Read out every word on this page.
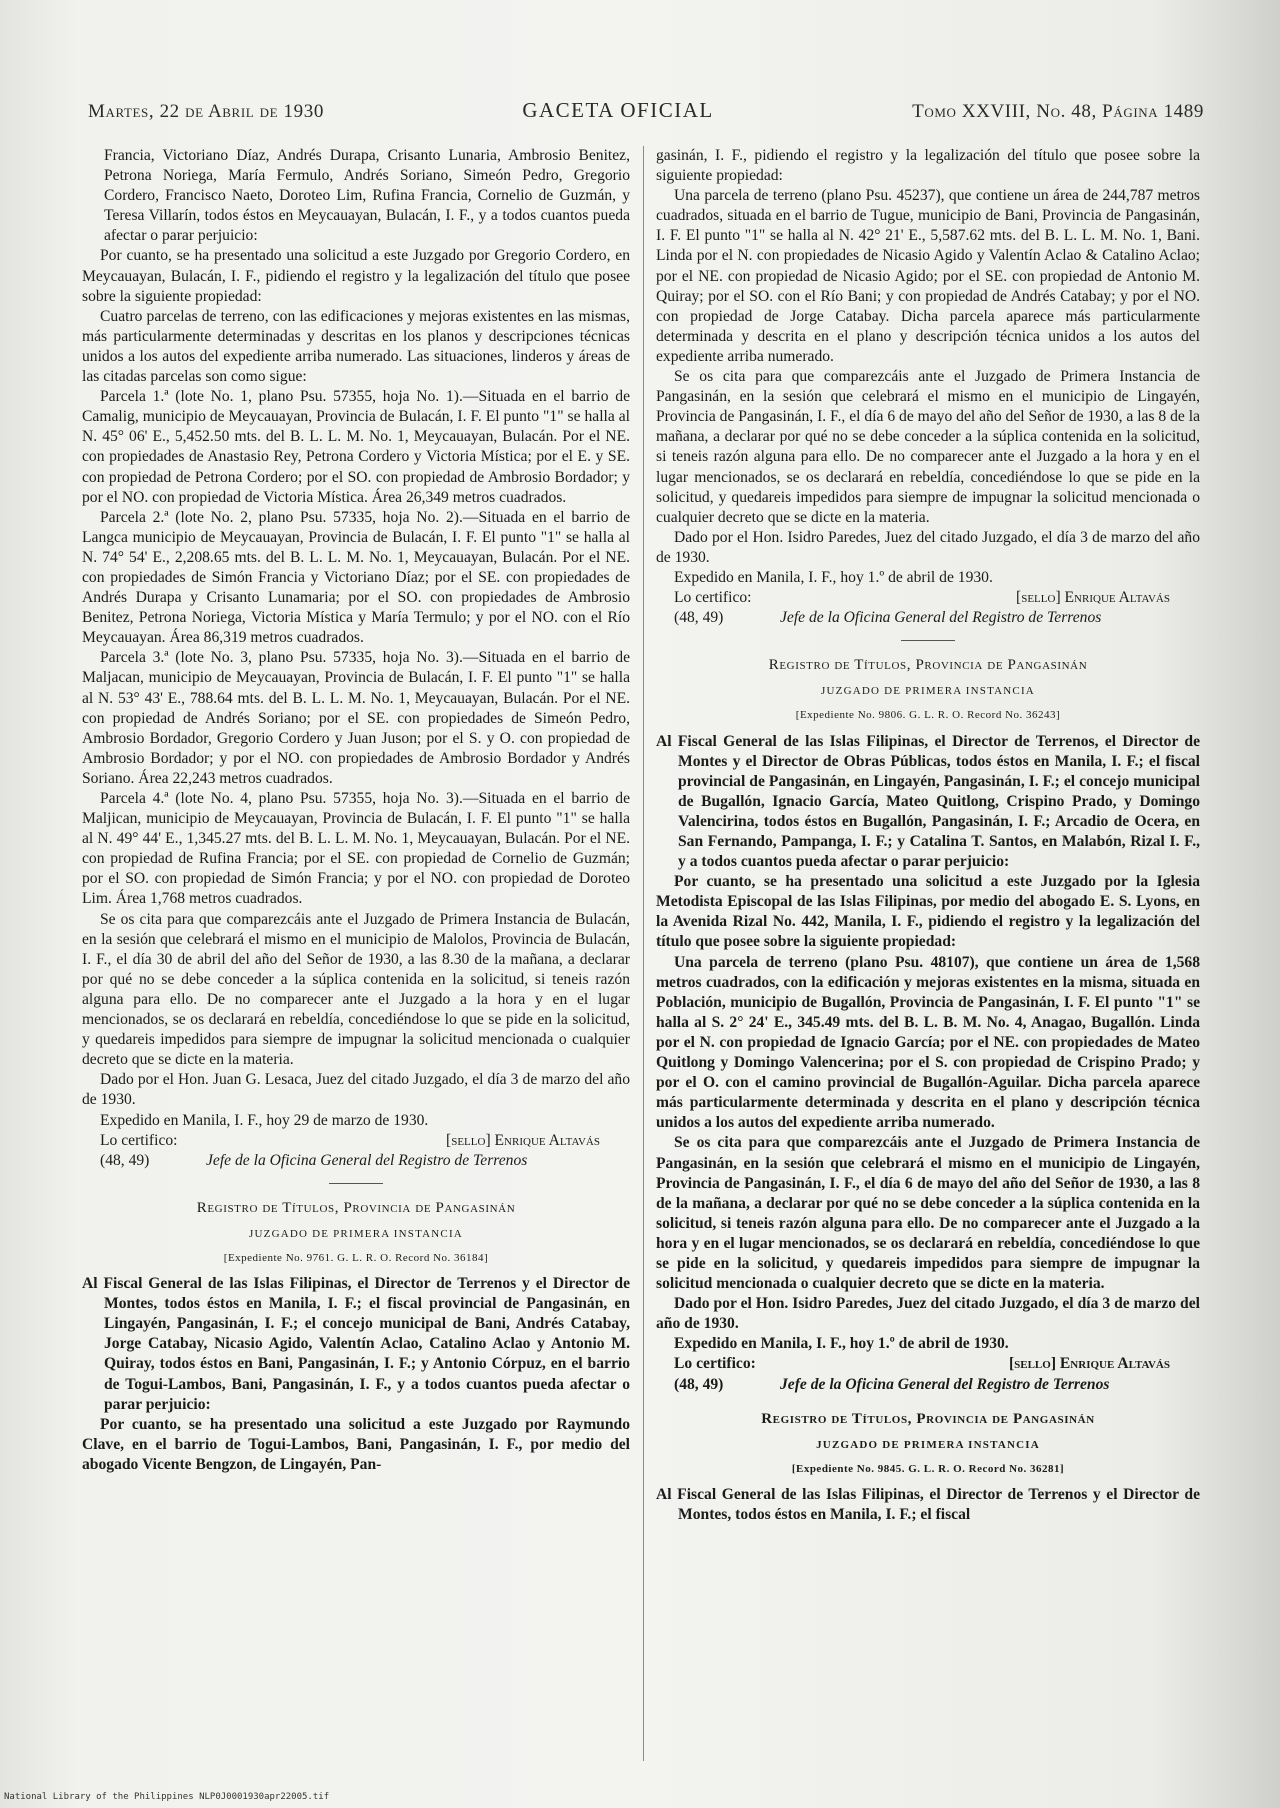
Martes, 22 de Abril de 1930	GACETA OFICIAL	Tomo XXVIII, No. 48, Página 1489

Francia, Victoriano Díaz, Andrés Durapa, Crisanto Lunaria, Ambrosio Benitez, Petrona Noriega, María Fermulo, Andrés Soriano, Simeón Pedro, Gregorio Cordero, Francisco Naeto, Doroteo Lim, Rufina Francia, Cornelio de Guzmán, y Teresa Villarín, todos éstos en Meycauayan, Bulacán, I. F., y a todos cuantos pueda afectar o parar perjuicio:

Por cuanto, se ha presentado una solicitud a este Juzgado por Gregorio Cordero, en Meycauayan, Bulacán, I. F., pidiendo el registro y la legalización del título que posee sobre la siguiente propiedad:

Cuatro parcelas de terreno, con las edificaciones y mejoras existentes en las mismas, más particularmente determinadas y descritas en los planos y descripciones técnicas unidos a los autos del expediente arriba numerado. Las situaciones, linderos y áreas de las citadas parcelas son como sigue:

Parcela 1.ª (lote No. 1, plano Psu. 57355, hoja No. 1).—Situada en el barrio de Camalig, municipio de Meycauayan, Provincia de Bulacán, I. F. El punto "1" se halla al N. 45° 06' E., 5,452.50 mts. del B. L. L. M. No. 1, Meycauayan, Bulacán. Por el NE. con propiedades de Anastasio Rey, Petrona Cordero y Victoria Mística; por el E. y SE. con propiedad de Petrona Cordero; por el SO. con propiedad de Ambrosio Bordador; y por el NO. con propiedad de Victoria Mística. Área 26,349 metros cuadrados.

Parcela 2.ª (lote No. 2, plano Psu. 57335, hoja No. 2).—Situada en el barrio de Langca municipio de Meycauayan, Provincia de Bulacán, I. F. El punto "1" se halla al N. 74° 54' E., 2,208.65 mts. del B. L. L. M. No. 1, Meycauayan, Bulacán. Por el NE. con propiedades de Simón Francia y Victoriano Díaz; por el SE. con propiedades de Andrés Durapa y Crisanto Lunamaria; por el SO. con propiedades de Ambrosio Benitez, Petrona Noriega, Victoria Mística y María Termulo; y por el NO. con el Río Meycauayan. Área 86,319 metros cuadrados.

Parcela 3.ª (lote No. 3, plano Psu. 57335, hoja No. 3).—Situada en el barrio de Maljacan, municipio de Meycauayan, Provincia de Bulacán, I. F. El punto "1" se halla al N. 53° 43' E., 788.64 mts. del B. L. L. M. No. 1, Meycauayan, Bulacán. Por el NE. con propiedad de Andrés Soriano; por el SE. con propiedades de Simeón Pedro, Ambrosio Bordador, Gregorio Cordero y Juan Juson; por el S. y O. con propiedad de Ambrosio Bordador; y por el NO. con propiedades de Ambrosio Bordador y Andrés Soriano. Área 22,243 metros cuadrados.

Parcela 4.ª (lote No. 4, plano Psu. 57355, hoja No. 3).—Situada en el barrio de Maljican, municipio de Meycauayan, Provincia de Bulacán, I. F. El punto "1" se halla al N. 49° 44' E., 1,345.27 mts. del B. L. L. M. No. 1, Meycauayan, Bulacán. Por el NE. con propiedad de Rufina Francia; por el SE. con propiedad de Cornelio de Guzmán; por el SO. con propiedad de Simón Francia; y por el NO. con propiedad de Doroteo Lim. Área 1,768 metros cuadrados.

Se os cita para que comparezcáis ante el Juzgado de Primera Instancia de Bulacán, en la sesión que celebrará el mismo en el municipio de Malolos, Provincia de Bulacán, I. F., el día 30 de abril del año del Señor de 1930, a las 8.30 de la mañana, a declarar por qué no se debe conceder a la súplica contenida en la solicitud, si teneis razón alguna para ello. De no comparecer ante el Juzgado a la hora y en el lugar mencionados, se os declarará en rebeldía, concediéndose lo que se pide en la solicitud, y quedareis impedidos para siempre de impugnar la solicitud mencionada o cualquier decreto que se dicte en la materia.

Dado por el Hon. Juan G. Lesaca, Juez del citado Juzgado, el día 3 de marzo del año de 1930.

Expedido en Manila, I. F., hoy 29 de marzo de 1930.

Lo certifico:	[sello] Enrique Altavás
(48, 49)	Jefe de la Oficina General del Registro de Terrenos
Registro de Títulos, Provincia de Pangasinán
JUZGADO DE PRIMERA INSTANCIA
[Expediente No. 9761. G. L. R. O. Record No. 36184]

Al Fiscal General de las Islas Filipinas, el Director de Terrenos y el Director de Montes, todos éstos en Manila, I. F.; el fiscal provincial de Pangasinán, en Lingayén, Pangasinán, I. F.; el concejo municipal de Bani, Andrés Catabay, Jorge Catabay, Nicasio Agido, Valentín Aclao, Catalino Aclao y Antonio M. Quiray, todos éstos en Bani, Pangasinán, I. F.; y Antonio Córpuz, en el barrio de Togui-Lambos, Bani, Pangasinán, I. F., y a todos cuantos pueda afectar o parar perjuicio:

Por cuanto, se ha presentado una solicitud a este Juzgado por Raymundo Clave, en el barrio de Togui-Lambos, Bani, Pangasinán, I. F., por medio del abogado Vicente Bengzon, de Lingayén, Pan-

gasinán, I. F., pidiendo el registro y la legalización del título que posee sobre la siguiente propiedad:

Una parcela de terreno (plano Psu. 45237), que contiene un área de 244,787 metros cuadrados, situada en el barrio de Tugue, municipio de Bani, Provincia de Pangasinán, I. F. El punto "1" se halla al N. 42° 21' E., 5,587.62 mts. del B. L. L. M. No. 1, Bani. Linda por el N. con propiedades de Nicasio Agido y Valentín Aclao & Catalino Aclao; por el NE. con propiedad de Nicasio Agido; por el SE. con propiedad de Antonio M. Quiray; por el SO. con el Río Bani; y con propiedad de Andrés Catabay; y por el NO. con propiedad de Jorge Catabay. Dicha parcela aparece más particularmente determinada y descrita en el plano y descripción técnica unidos a los autos del expediente arriba numerado.

Se os cita para que comparezcáis ante el Juzgado de Primera Instancia de Pangasinán, en la sesión que celebrará el mismo en el municipio de Lingayén, Provincia de Pangasinán, I. F., el día 6 de mayo del año del Señor de 1930, a las 8 de la mañana, a declarar por qué no se debe conceder a la súplica contenida en la solicitud, si teneis razón alguna para ello. De no comparecer ante el Juzgado a la hora y en el lugar mencionados, se os declarará en rebeldía, concediéndose lo que se pide en la solicitud, y quedareis impedidos para siempre de impugnar la solicitud mencionada o cualquier decreto que se dicte en la materia.

Dado por el Hon. Isidro Paredes, Juez del citado Juzgado, el día 3 de marzo del año de 1930.

Expedido en Manila, I. F., hoy 1.º de abril de 1930.

Lo certifico:	[sello] Enrique Altavás
(48, 49)	Jefe de la Oficina General del Registro de Terrenos
Registro de Títulos, Provincia de Pangasinán
JUZGADO DE PRIMERA INSTANCIA
[Expediente No. 9806. G. L. R. O. Record No. 36243]

Al Fiscal General de las Islas Filipinas, el Director de Terrenos, el Director de Montes y el Director de Obras Públicas, todos éstos en Manila, I. F.; el fiscal provincial de Pangasinán, en Lingayén, Pangasinán, I. F.; el concejo municipal de Bugallón, Ignacio García, Mateo Quitlong, Crispino Prado, y Domingo Valencirina, todos éstos en Bugallón, Pangasinán, I. F.; Arcadio de Ocera, en San Fernando, Pampanga, I. F.; y Catalina T. Santos, en Malabón, Rizal I. F., y a todos cuantos pueda afectar o parar perjuicio:

Por cuanto, se ha presentado una solicitud a este Juzgado por la Iglesia Metodista Episcopal de las Islas Filipinas, por medio del abogado E. S. Lyons, en la Avenida Rizal No. 442, Manila, I. F., pidiendo el registro y la legalización del título que posee sobre la siguiente propiedad:

Una parcela de terreno (plano Psu. 48107), que contiene un área de 1,568 metros cuadrados, con la edificación y mejoras existentes en la misma, situada en Población, municipio de Bugallón, Provincia de Pangasinán, I. F. El punto "1" se halla al S. 2° 24' E., 345.49 mts. del B. L. B. M. No. 4, Anagao, Bugallón. Linda por el N. con propiedad de Ignacio García; por el NE. con propiedades de Mateo Quitlong y Domingo Valencerina; por el S. con propiedad de Crispino Prado; y por el O. con el camino provincial de Bugallón-Aguilar. Dicha parcela aparece más particularmente determinada y descrita en el plano y descripción técnica unidos a los autos del expediente arriba numerado.

Se os cita para que comparezcáis ante el Juzgado de Primera Instancia de Pangasinán, en la sesión que celebrará el mismo en el municipio de Lingayén, Provincia de Pangasinán, I. F., el día 6 de mayo del año del Señor de 1930, a las 8 de la mañana, a declarar por qué no se debe conceder a la súplica contenida en la solicitud, si teneis razón alguna para ello. De no comparecer ante el Juzgado a la hora y en el lugar mencionados, se os declarará en rebeldía, concediéndose lo que se pide en la solicitud, y quedareis impedidos para siempre de impugnar la solicitud mencionada o cualquier decreto que se dicte en la materia.

Dado por el Hon. Isidro Paredes, Juez del citado Juzgado, el día 3 de marzo del año de 1930.

Expedido en Manila, I. F., hoy 1.º de abril de 1930.

Lo certifico:	[sello] Enrique Altavás
(48, 49)	Jefe de la Oficina General del Registro de Terrenos
Registro de Títulos, Provincia de Pangasinán
JUZGADO DE PRIMERA INSTANCIA
[Expediente No. 9845. G. L. R. O. Record No. 36281]

Al Fiscal General de las Islas Filipinas, el Director de Terrenos y el Director de Montes, todos éstos en Manila, I. F.; el fiscal

National Library of the Philippines NLP0J0001930apr22005.tif
